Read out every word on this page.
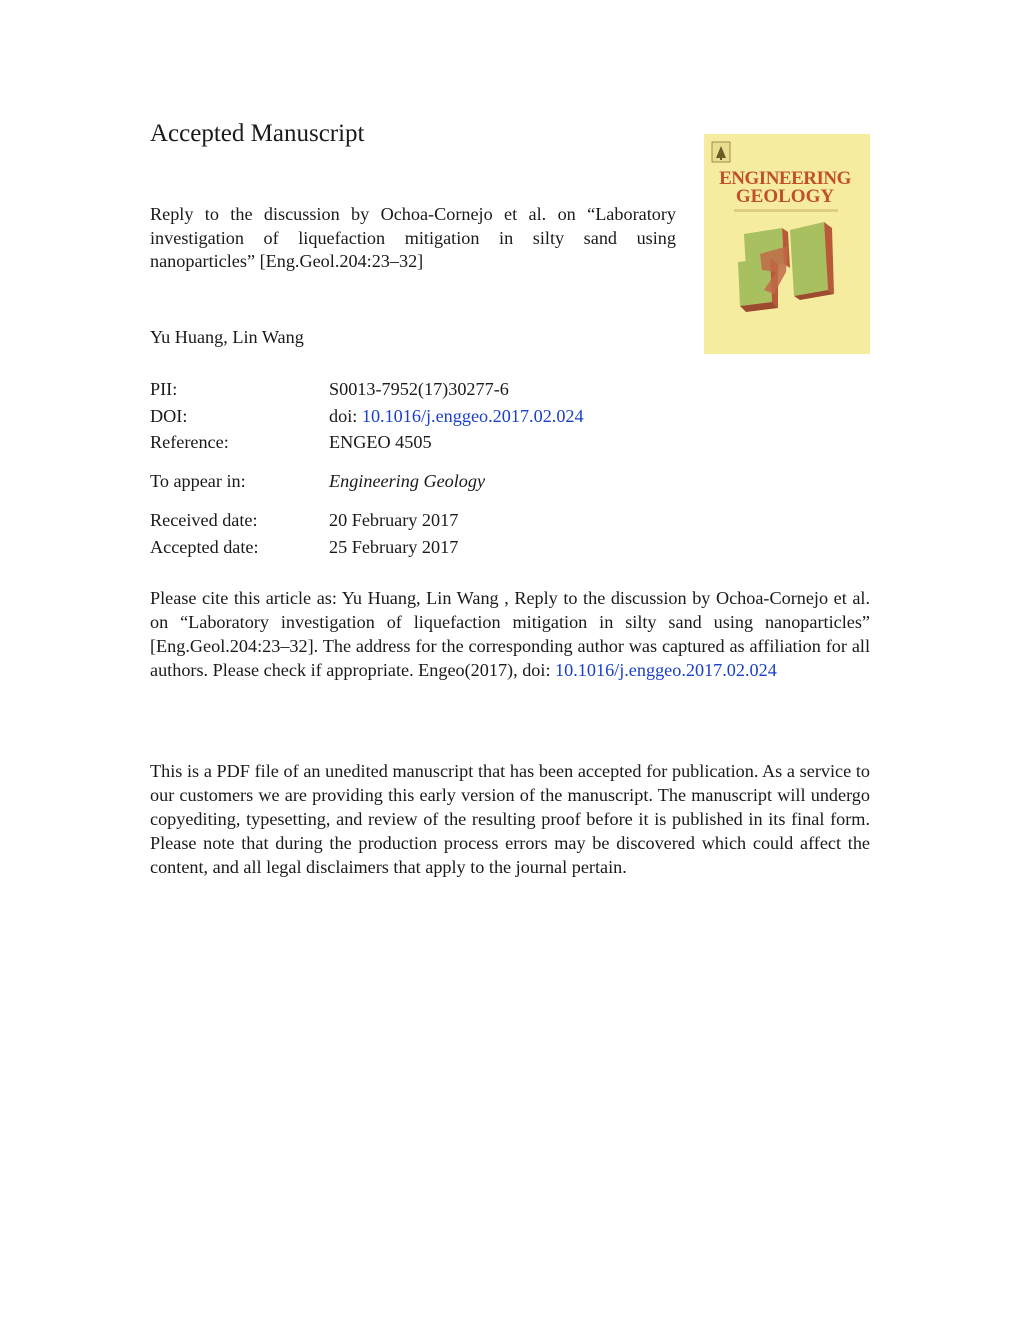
Accepted Manuscript
Reply to the discussion by Ochoa-Cornejo et al. on “Laboratory investigation of liquefaction mitigation in silty sand using nanoparticles” [Eng.Geol.204:23–32]
ENGINEERING
GEOLOGY
Yu Huang, Lin Wang
PII:	S0013-7952(17)30277-6
DOI:	doi: 10.1016/j.enggeo.2017.02.024
Reference:	ENGEO 4505
To appear in:	Engineering Geology
Received date:	20 February 2017
Accepted date:	25 February 2017

Please cite this article as: Yu Huang, Lin Wang , Reply to the discussion by Ochoa-Cornejo et al. on “Laboratory investigation of liquefaction mitigation in silty sand using nanoparticles” [Eng.Geol.204:23–32]. The address for the corresponding author was captured as affiliation for all authors. Please check if appropriate. Engeo(2017), doi: 10.1016/j.enggeo.2017.02.024

This is a PDF file of an unedited manuscript that has been accepted for publication. As a service to our customers we are providing this early version of the manuscript. The manuscript will undergo copyediting, typesetting, and review of the resulting proof before it is published in its final form. Please note that during the production process errors may be discovered which could affect the content, and all legal disclaimers that apply to the journal pertain.
